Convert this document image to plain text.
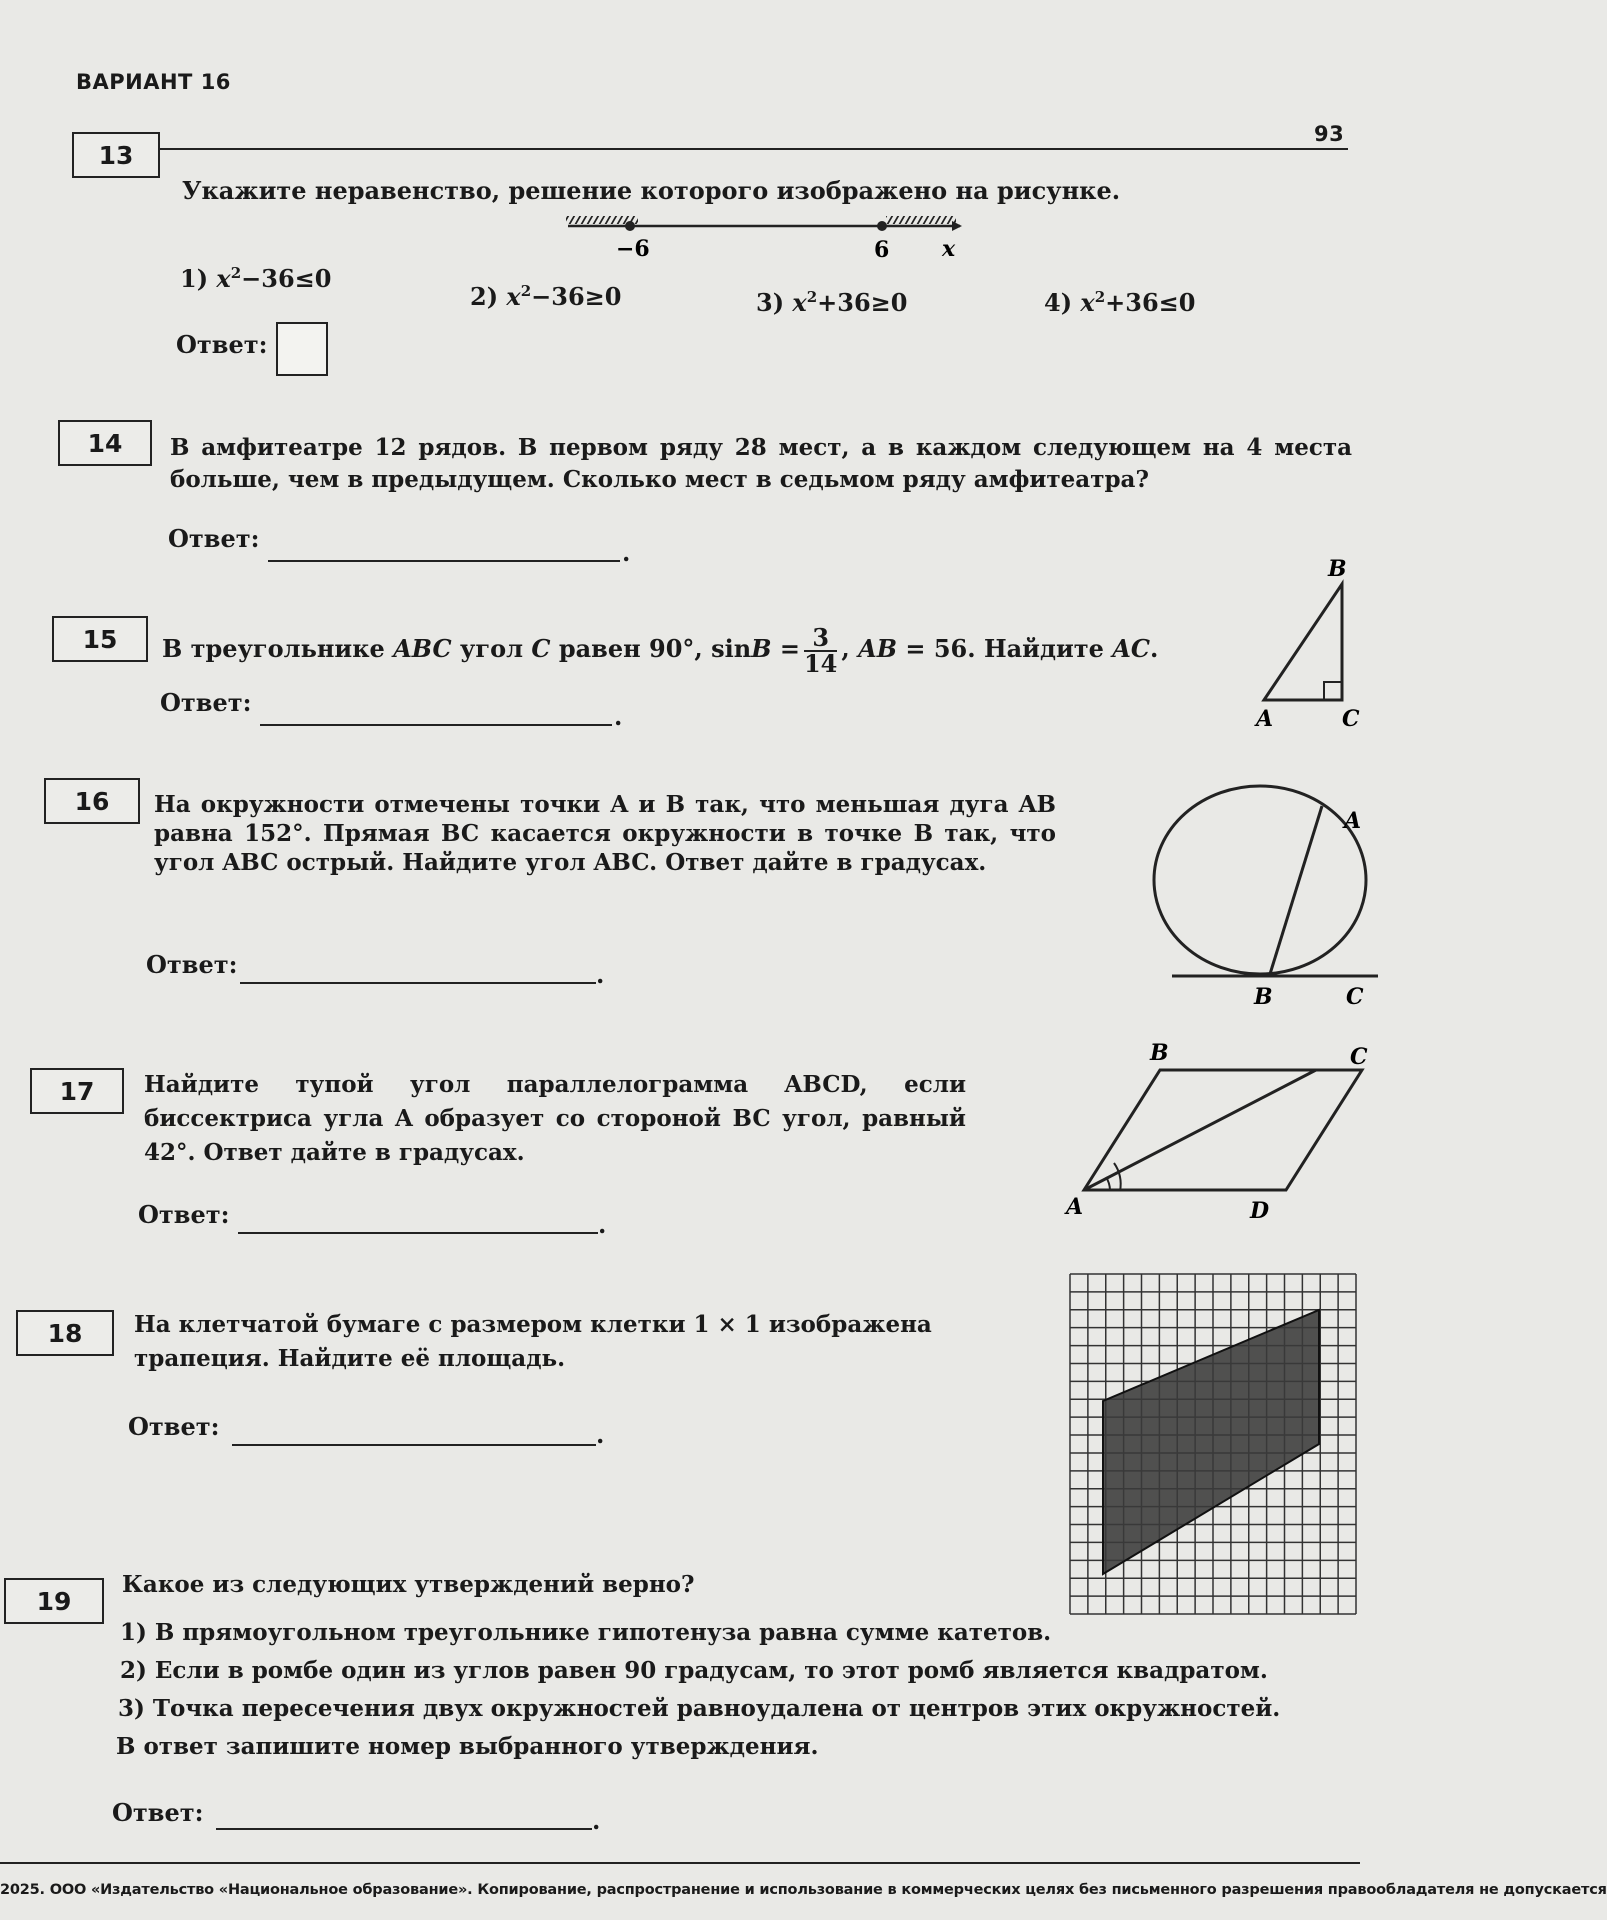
ВАРИАНТ 16
93
13
Укажите неравенство, решение которого изображено на рисунке.
−6	6 x
1) $x^2-36\le 0$
2) $x^2-36\ge 0$	3) $x^2+36\ge 0$	4) $x^2+36\le 0$
Ответ:
14	В амфитеатре 12 рядов. В первом ряду 28 мест, а в каждом следующем на 4 места больше, чем в предыдущем. Сколько мест в седьмом ряду амфитеатра?
Ответ:	.
15	В треугольнике ABC угол C равен 90°, $\sin B = \frac{3}{14}$ , AB = 56. Найдите AC.
Ответ:	.
B
A	C
16	На окружности отмечены точки A и B так, что меньшая дуга AB равна 152°. Прямая BC касается окружности в точке B так, что угол ABC острый. Найдите угол ABC. Ответ дайте в градусах.
Ответ:	.
A
B	C
17	Найдите тупой угол параллелограмма ABCD, если биссектриса угла A образует со стороной BC угол, равный 42°. Ответ дайте в градусах.
Ответ:	.
B	C
A	D
18	На клетчатой бумаге с размером клетки 1 × 1 изображена трапеция. Найдите её площадь.
Ответ:	.
19
Какое из следующих утверждений верно?
1) В прямоугольном треугольнике гипотенуза равна сумме катетов.
2) Если в ромбе один из углов равен 90 градусам, то этот ромб является квадратом.
3) Точка пересечения двух окружностей равноудалена от центров этих окружностей.
В ответ запишите номер выбранного утверждения.
Ответ:	.
2025. ООО «Издательство «Национальное образование». Копирование, распространение и использование в коммерческих целях без письменного разрешения правообладателя не допускается
